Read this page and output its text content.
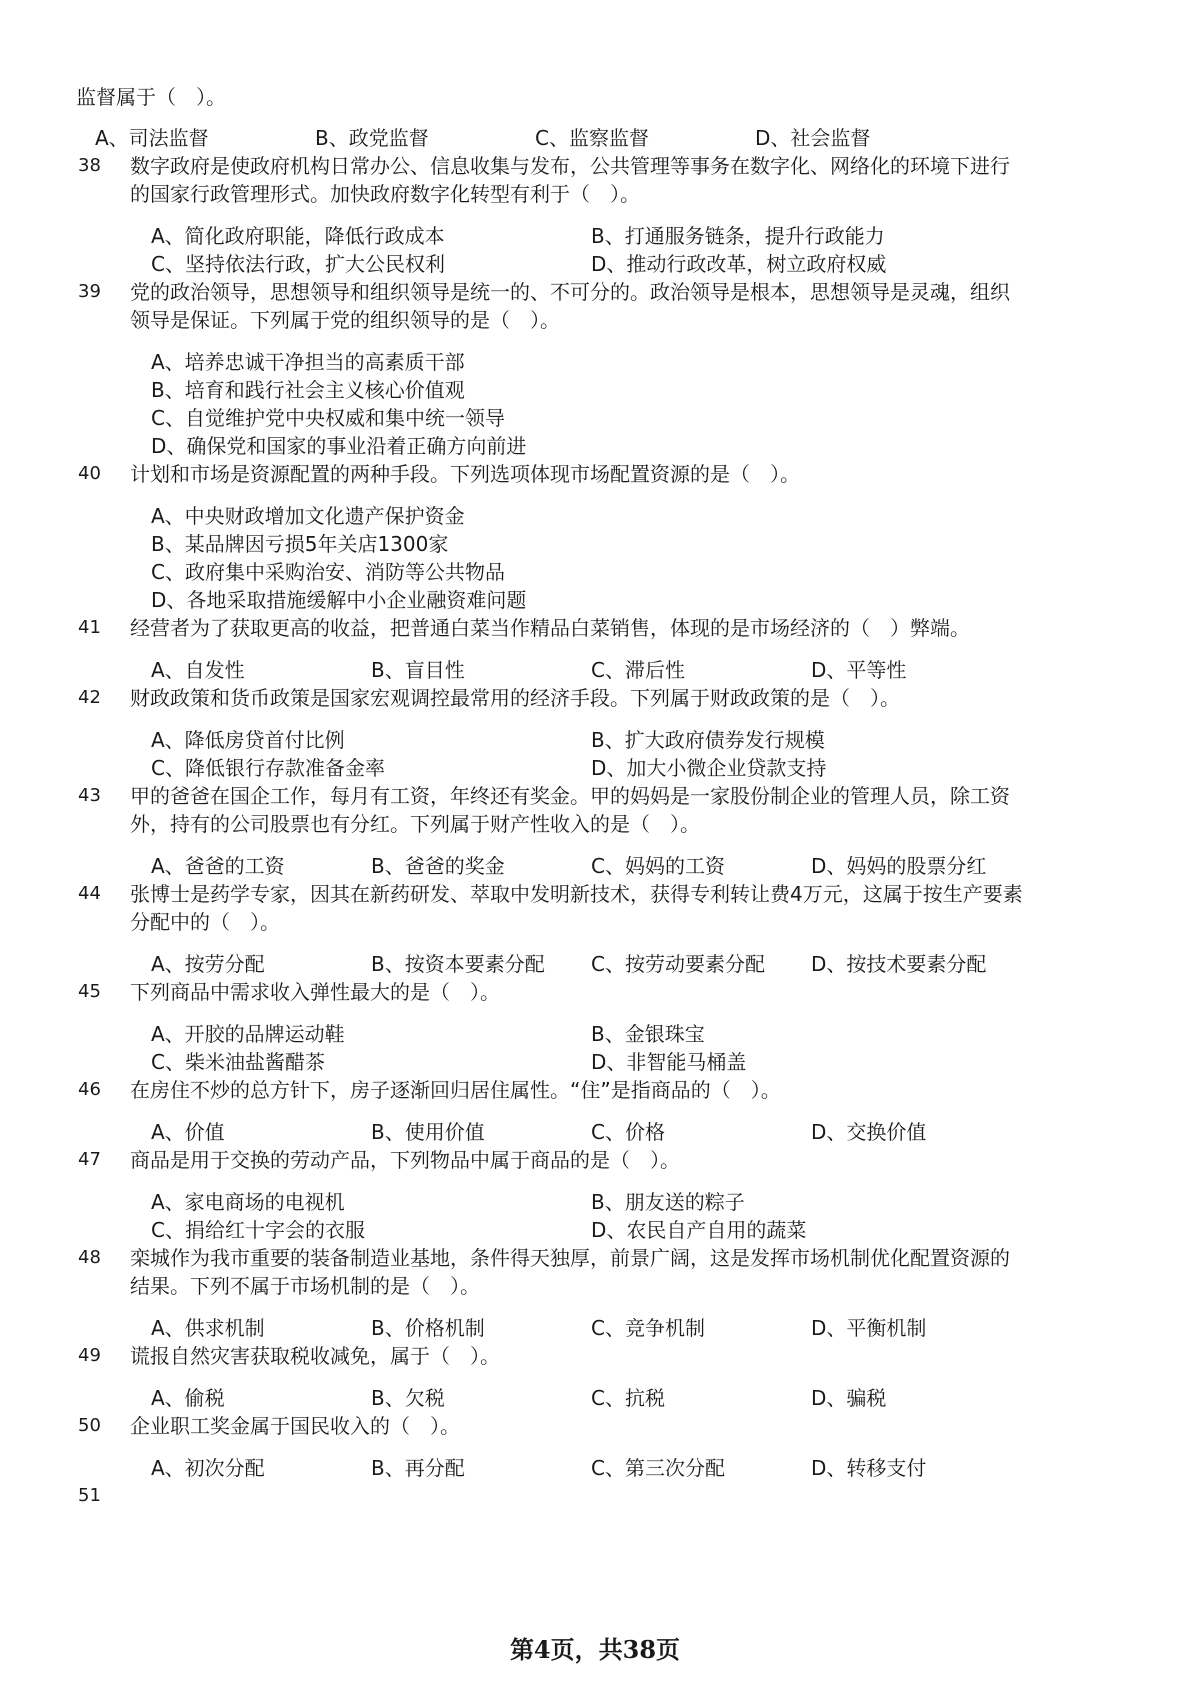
监督属于（　）。
A、司法监督	B、政党监督	C、监察监督	D、社会监督
38	数字政府是使政府机构日常办公、信息收集与发布，公共管理等事务在数字化、网络化的环境下进行
的国家行政管理形式。加快政府数字化转型有利于（　）。
A、简化政府职能，降低行政成本	B、打通服务链条，提升行政能力
C、坚持依法行政，扩大公民权利	D、推动行政改革，树立政府权威
39	党的政治领导，思想领导和组织领导是统一的、不可分的。政治领导是根本，思想领导是灵魂，组织
领导是保证。下列属于党的组织领导的是（　）。
A、培养忠诚干净担当的高素质干部
B、培育和践行社会主义核心价值观
C、自觉维护党中央权威和集中统一领导
D、确保党和国家的事业沿着正确方向前进
40	计划和市场是资源配置的两种手段。下列选项体现市场配置资源的是（　）。
A、中央财政增加文化遗产保护资金
B、某品牌因亏损5年关店1300家
C、政府集中采购治安、消防等公共物品
D、各地采取措施缓解中小企业融资难问题
41	经营者为了获取更高的收益，把普通白菜当作精品白菜销售，体现的是市场经济的（　）弊端。
A、自发性	B、盲目性	C、滞后性	D、平等性
42	财政政策和货币政策是国家宏观调控最常用的经济手段。下列属于财政政策的是（　）。
A、降低房贷首付比例	B、扩大政府债券发行规模
C、降低银行存款准备金率	D、加大小微企业贷款支持
43	甲的爸爸在国企工作，每月有工资，年终还有奖金。甲的妈妈是一家股份制企业的管理人员，除工资
外，持有的公司股票也有分红。下列属于财产性收入的是（　）。
A、爸爸的工资	B、爸爸的奖金	C、妈妈的工资	D、妈妈的股票分红
44	张博士是药学专家，因其在新药研发、萃取中发明新技术，获得专利转让费4万元，这属于按生产要素
分配中的（　）。
A、按劳分配	B、按资本要素分配 C、按劳动要素分配 D、按技术要素分配
45	下列商品中需求收入弹性最大的是（　）。
A、开胶的品牌运动鞋	B、金银珠宝
C、柴米油盐酱醋茶	D、非智能马桶盖
46	在房住不炒的总方针下，房子逐渐回归居住属性。“住”是指商品的（　）。
A、价值	B、使用价值	C、价格	D、交换价值
47	商品是用于交换的劳动产品，下列物品中属于商品的是（　）。
A、家电商场的电视机	B、朋友送的粽子
C、捐给红十字会的衣服	D、农民自产自用的蔬菜
48	栾城作为我市重要的装备制造业基地，条件得天独厚，前景广阔，这是发挥市场机制优化配置资源的
结果。下列不属于市场机制的是（　）。
A、供求机制	B、价格机制	C、竞争机制	D、平衡机制
49	谎报自然灾害获取税收减免，属于（　）。
A、偷税	B、欠税	C、抗税	D、骗税
50	企业职工奖金属于国民收入的（　）。
A、初次分配	B、再分配	C、第三次分配	D、转移支付
51
第4页，共38页
